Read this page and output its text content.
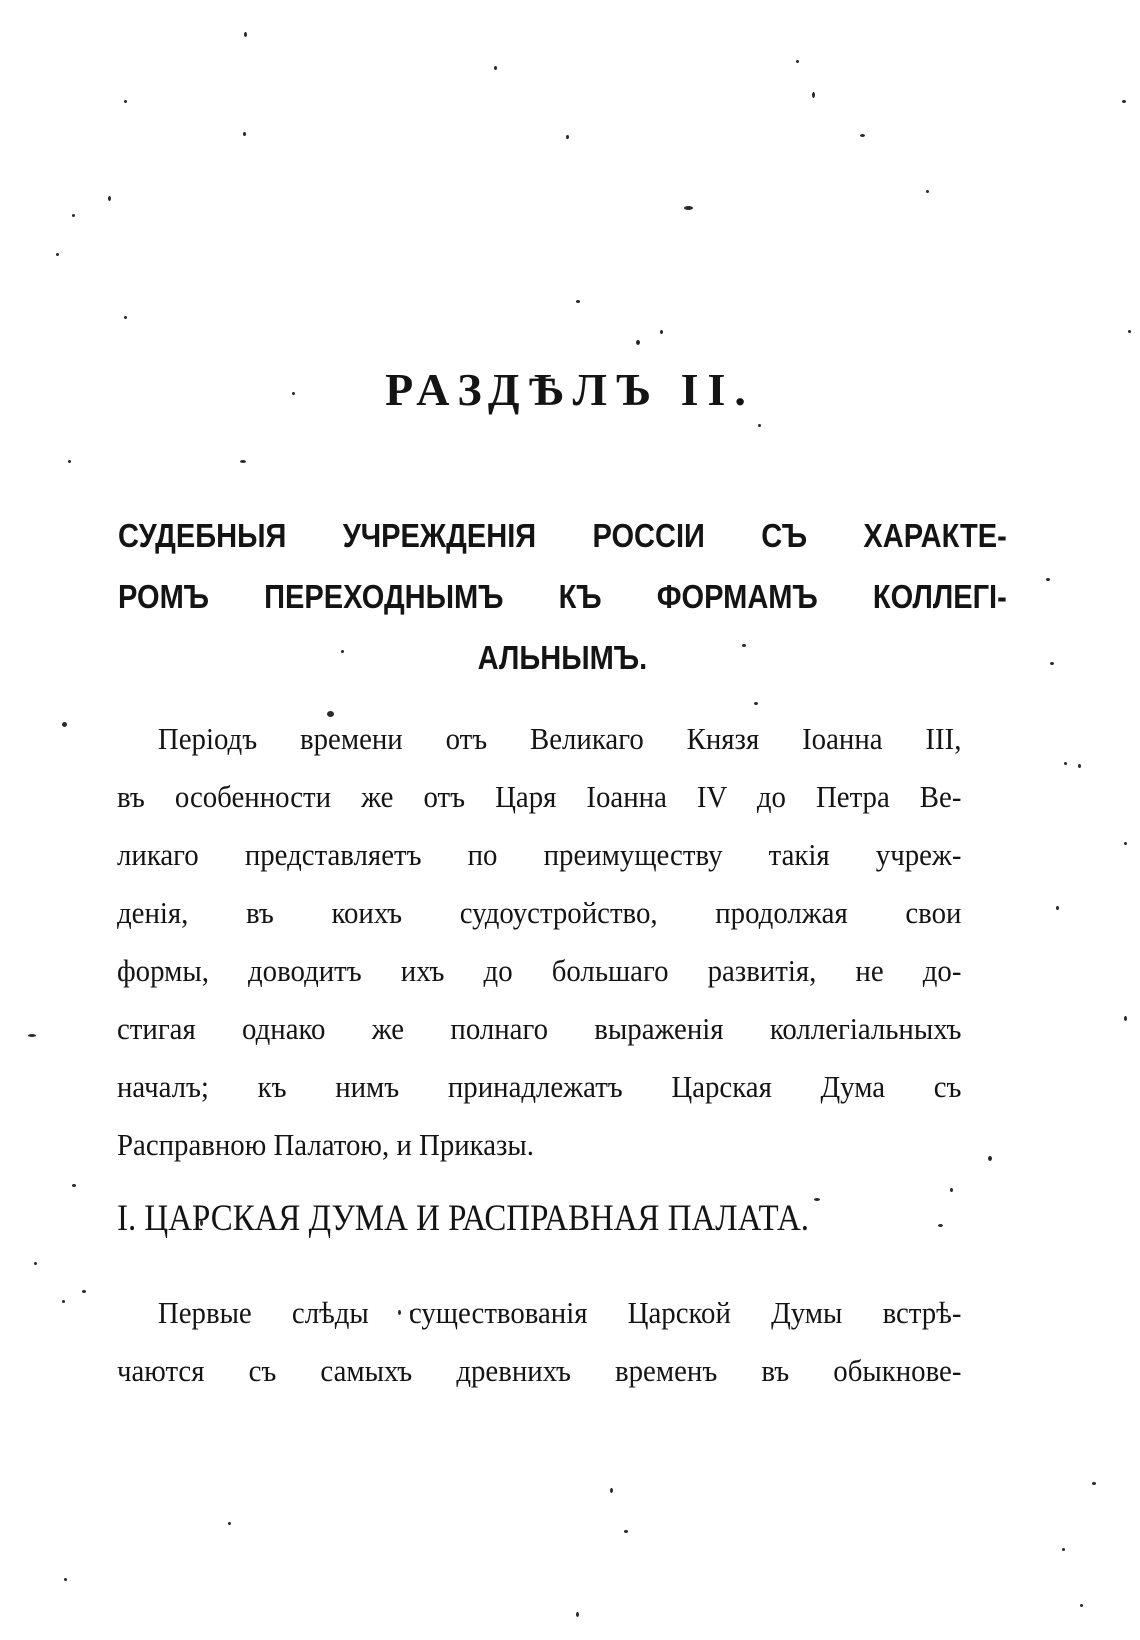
РАЗДѢЛЪ II.
СУДЕБНЫЯ УЧРЕЖДЕНІЯ РОССІИ СЪ ХАРАКТЕ-
РОМЪ ПЕРЕХОДНЫМЪ КЪ ФОРМАМЪ КОЛЛЕГІ-
АЛЬНЫМЪ.
Періодъ времени отъ Великаго Князя Іоанна III,
въ особенности же отъ Царя Іоанна IV до Петра Ве-
ликаго представляетъ по преимуществу такія учреж-
денія, въ коихъ судоустройство, продолжая свои
формы, доводитъ ихъ до большаго развитія, не до-
стигая однако же полнаго выраженія коллегіальныхъ
началъ; къ нимъ принадлежатъ Царская Дума съ
Расправною Палатою, и Приказы.
I. ЦАРСКАЯ ДУМА И РАСПРАВНАЯ ПАЛАТА.
Первые слѣды существованія Царской Думы встрѣ-
чаются съ самыхъ древнихъ временъ въ обыкнове-
